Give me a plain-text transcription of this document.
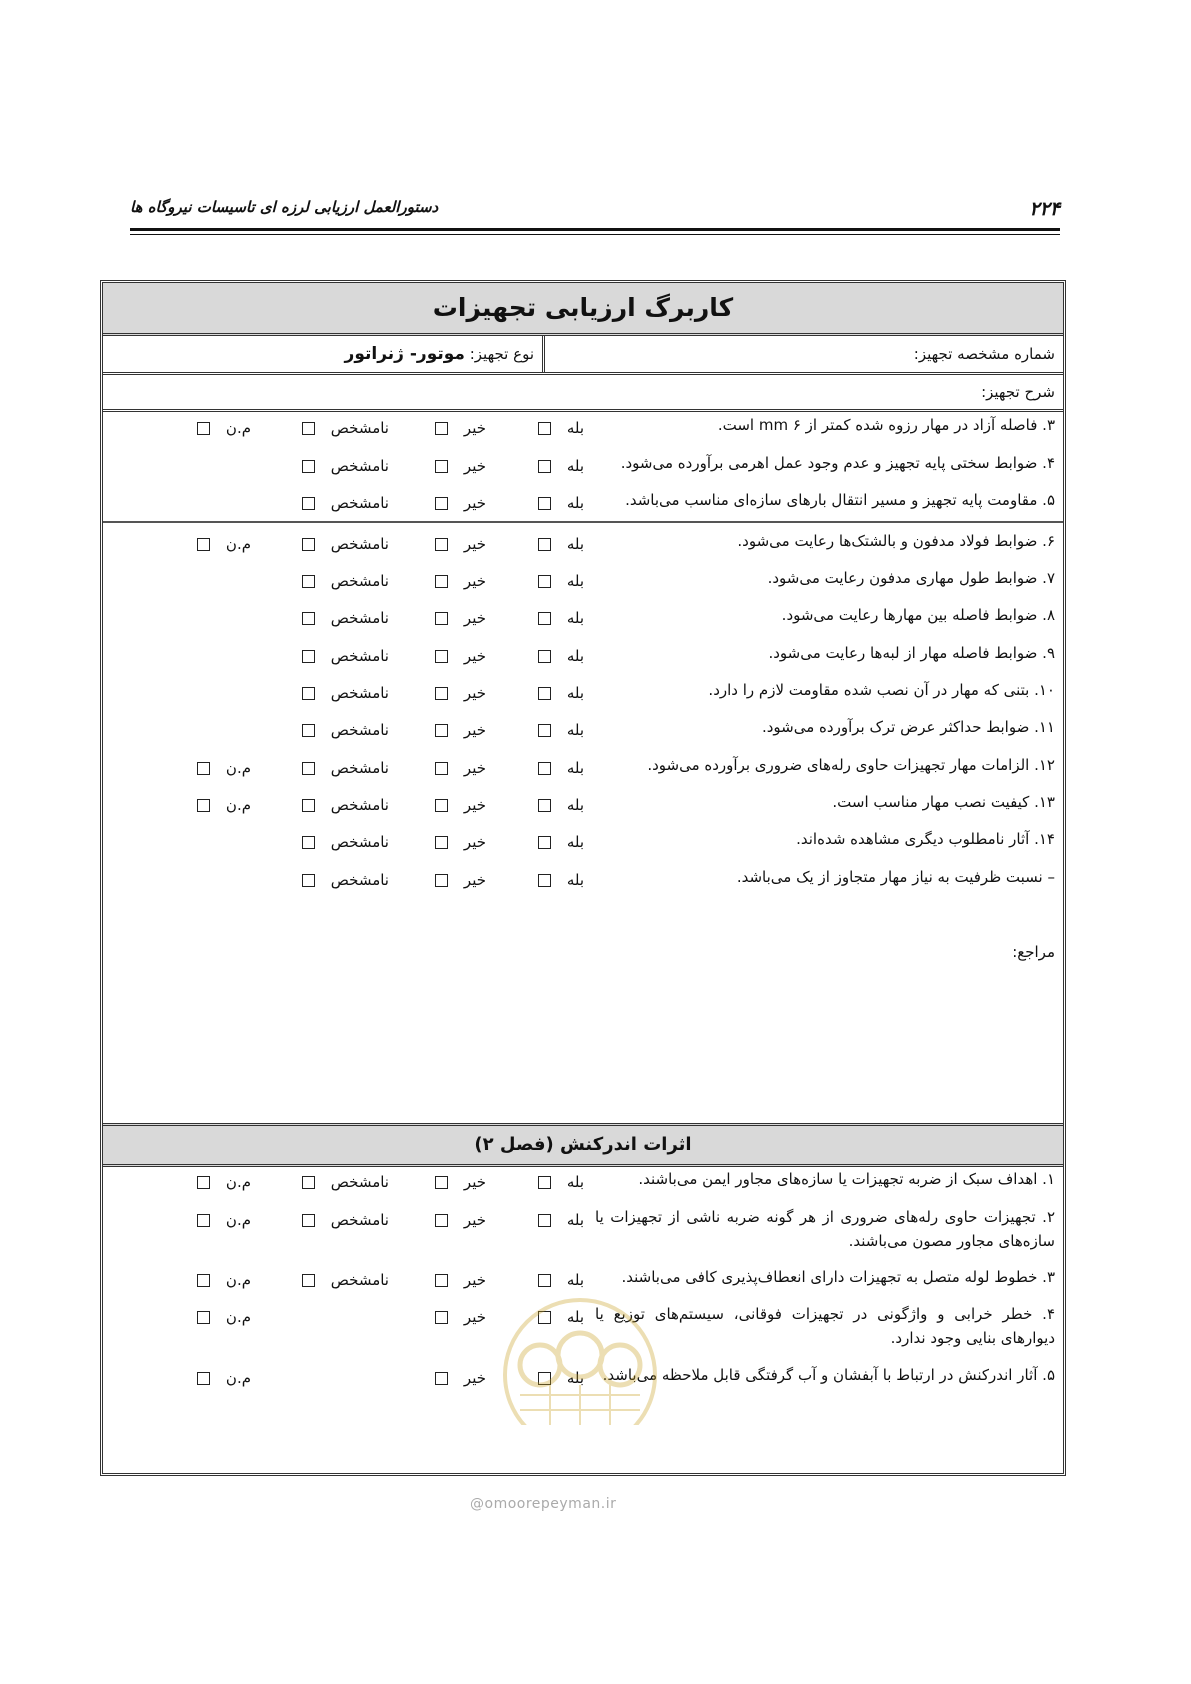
۲۲۴
دستورالعمل ارزیابی لرزه ای تاسیسات نیروگاه ها
کاربرگ ارزیابی تجهیزات
شماره مشخصه تجهیز:
نوع تجهیز: موتور- ژنراتور
شرح تجهیز:
۳. فاصله آزاد در مهار رزوه شده کمتر از mm ۶ است.
بله
خیر
نامشخص
م.ن
۴. ضوابط سختی پایه تجهیز و عدم وجود عمل اهرمی برآورده می‌شود.
بله
خیر
نامشخص
۵. مقاومت پایه تجهیز و مسیر انتقال بارهای سازه‌ای مناسب می‌باشد.
بله
خیر
نامشخص
۶. ضوابط فولاد مدفون و بالشتک‌ها رعایت می‌شود.
بله
خیر
نامشخص
م.ن
۷. ضوابط طول مهاری مدفون رعایت می‌شود.
بله
خیر
نامشخص
۸. ضوابط فاصله بین مهارها رعایت می‌شود.
بله
خیر
نامشخص
۹. ضوابط فاصله مهار از لبه‌ها رعایت می‌شود.
بله
خیر
نامشخص
۱۰. بتنی که مهار در آن نصب شده مقاومت لازم را دارد.
بله
خیر
نامشخص
۱۱. ضوابط حداکثر عرض ترک برآورده می‌شود.
بله
خیر
نامشخص
۱۲. الزامات مهار تجهیزات حاوی رله‌های ضروری برآورده می‌شود.
بله
خیر
نامشخص
م.ن
۱۳. کیفیت نصب مهار مناسب است.
بله
خیر
نامشخص
م.ن
۱۴. آثار نامطلوب دیگری مشاهده شده‌اند.
بله
خیر
نامشخص
– نسبت ظرفیت به نیاز مهار متجاوز از یک می‌باشد.
بله
خیر
نامشخص
مراجع:
اثرات اندرکنش (فصل ۲)
۱. اهداف سبک از ضربه تجهیزات یا سازه‌های مجاور ایمن می‌باشند.
بله
خیر
نامشخص
م.ن
۲. تجهیزات حاوی رله‌های ضروری از هر گونه ضربه ناشی از تجهیزات یا سازه‌های مجاور مصون می‌باشند.
بله
خیر
نامشخص
م.ن
۳. خطوط لوله متصل به تجهیزات دارای انعطاف‌پذیری کافی می‌باشند.
بله
خیر
نامشخص
م.ن
۴. خطر خرابی و واژگونی در تجهیزات فوقانی، سیستم‌های توزیع یا دیوارهای بنایی وجود ندارد.
بله
خیر
م.ن
۵. آثار اندرکنش در ارتباط با آبفشان و آب گرفتگی قابل ملاحظه می‌باشد.
بله
خیر
م.ن
@omoorepeyman.ir
